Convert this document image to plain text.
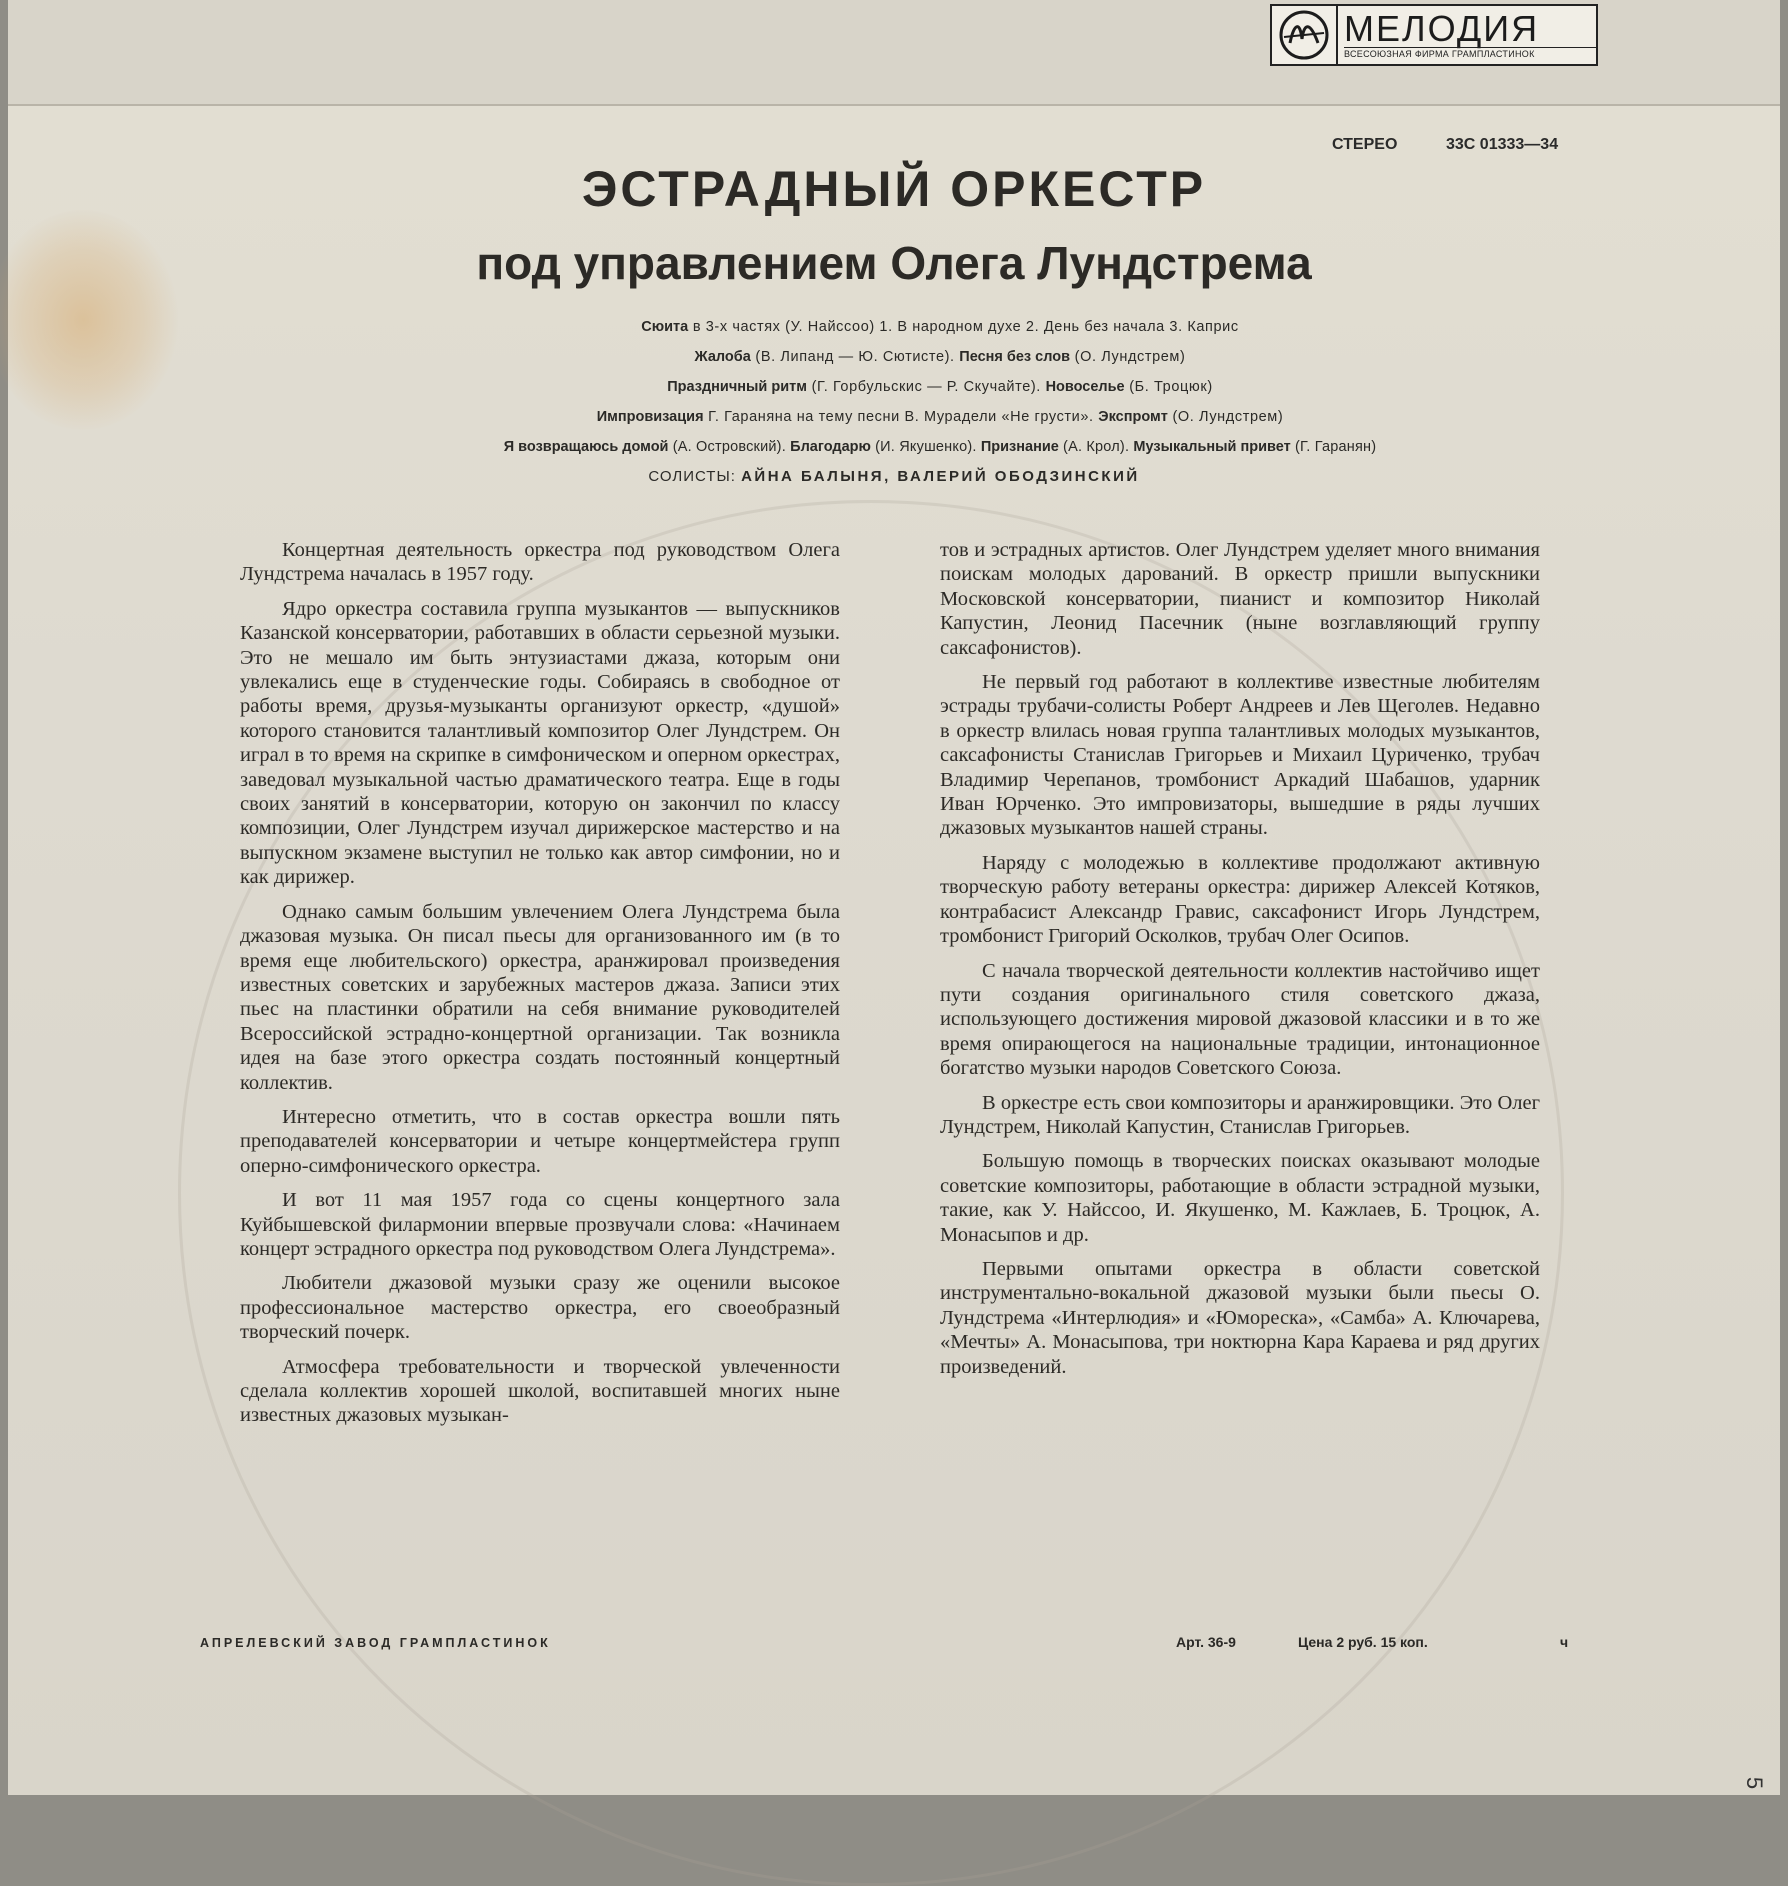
МЕЛОДИЯ
ВСЕСОЮЗНАЯ ФИРМА ГРАМПЛАСТИНОК
СТЕРЕО	33С 01333—34
ЭСТРАДНЫЙ ОРКЕСТР
под управлением Олега Лундстрема
Сюита в 3-х частях (У. Найссоо) 1. В народном духе 2. День без начала 3. Каприс
Жалоба (В. Липанд — Ю. Сютисте). Песня без слов (О. Лундстрем)
Праздничный ритм (Г. Горбульскис — Р. Скучайте). Новоселье (Б. Троцюк)
Импровизация Г. Гараняна на тему песни В. Мурадели «Не грусти». Экспромт (О. Лундстрем)
Я возвращаюсь домой (А. Островский). Благодарю (И. Якушенко). Признание (А. Крол). Музыкальный привет (Г. Гаранян)
СОЛИСТЫ: АЙНА БАЛЫНЯ, ВАЛЕРИЙ ОБОДЗИНСКИЙ

Концертная деятельность оркестра под руководством Олега Лундстрема началась в 1957 году.

Ядро оркестра составила группа музыкантов — выпускников Казанской консерватории, работавших в области серьезной музыки. Это не мешало им быть энтузиастами джаза, которым они увлекались еще в студенческие годы. Собираясь в свободное от работы время, друзья-музыканты организуют оркестр, «душой» которого становится талантливый композитор Олег Лундстрем. Он играл в то время на скрипке в симфоническом и оперном оркестрах, заведовал музыкальной частью драматического театра. Еще в годы своих занятий в консерватории, которую он закончил по классу композиции, Олег Лундстрем изучал дирижерское мастерство и на выпускном экзамене выступил не только как автор симфонии, но и как дирижер.

Однако самым большим увлечением Олега Лундстрема была джазовая музыка. Он писал пьесы для организованного им (в то время еще любительского) оркестра, аранжировал произведения известных советских и зарубежных мастеров джаза. Записи этих пьес на пластинки обратили на себя внимание руководителей Всероссийской эстрадно-концертной организации. Так возникла идея на базе этого оркестра создать постоянный концертный коллектив.

Интересно отметить, что в состав оркестра вошли пять преподавателей консерватории и четыре концертмейстера групп оперно-симфонического оркестра.

И вот 11 мая 1957 года со сцены концертного зала Куйбышевской филармонии впервые прозвучали слова: «Начинаем концерт эстрадного оркестра под руководством Олега Лундстрема».

Любители джазовой музыки сразу же оценили высокое профессиональное мастерство оркестра, его своеобразный творческий почерк.

Атмосфера требовательности и творческой увлеченности сделала коллектив хорошей школой, воспитавшей многих ныне известных джазовых музыкан-

тов и эстрадных артистов. Олег Лундстрем уделяет много внимания поискам молодых дарований. В оркестр пришли выпускники Московской консерватории, пианист и композитор Николай Капустин, Леонид Пасечник (ныне возглавляющий группу саксафонистов).

Не первый год работают в коллективе известные любителям эстрады трубачи-солисты Роберт Андреев и Лев Щеголев. Недавно в оркестр влилась новая группа талантливых молодых музыкантов, саксафонисты Станислав Григорьев и Михаил Цуриченко, трубач Владимир Черепанов, тромбонист Аркадий Шабашов, ударник Иван Юрченко. Это импровизаторы, вышедшие в ряды лучших джазовых музыкантов нашей страны.

Наряду с молодежью в коллективе продолжают активную творческую работу ветераны оркестра: дирижер Алексей Котяков, контрабасист Александр Гравис, саксафонист Игорь Лундстрем, тромбонист Григорий Осколков, трубач Олег Осипов.

С начала творческой деятельности коллектив настойчиво ищет пути создания оригинального стиля советского джаза, использующего достижения мировой джазовой классики и в то же время опирающегося на национальные традиции, интонационное богатство музыки народов Советского Союза.

В оркестре есть свои композиторы и аранжировщики. Это Олег Лундстрем, Николай Капустин, Станислав Григорьев.

Большую помощь в творческих поисках оказывают молодые советские композиторы, работающие в области эстрадной музыки, такие, как У. Найссоо, И. Якушенко, М. Кажлаев, Б. Троцюк, А. Монасыпов и др.

Первыми опытами оркестра в области советской инструментально-вокальной джазовой музыки были пьесы О. Лундстрема «Интерлюдия» и «Юмореска», «Самба» А. Ключарева, «Мечты» А. Монасыпова, три ноктюрна Кара Караева и ряд других произведений.

АПРЕЛЕВСКИЙ ЗАВОД ГРАМПЛАСТИНОК	Арт. 36-9	Цена 2 руб. 15 коп.	ч
5
